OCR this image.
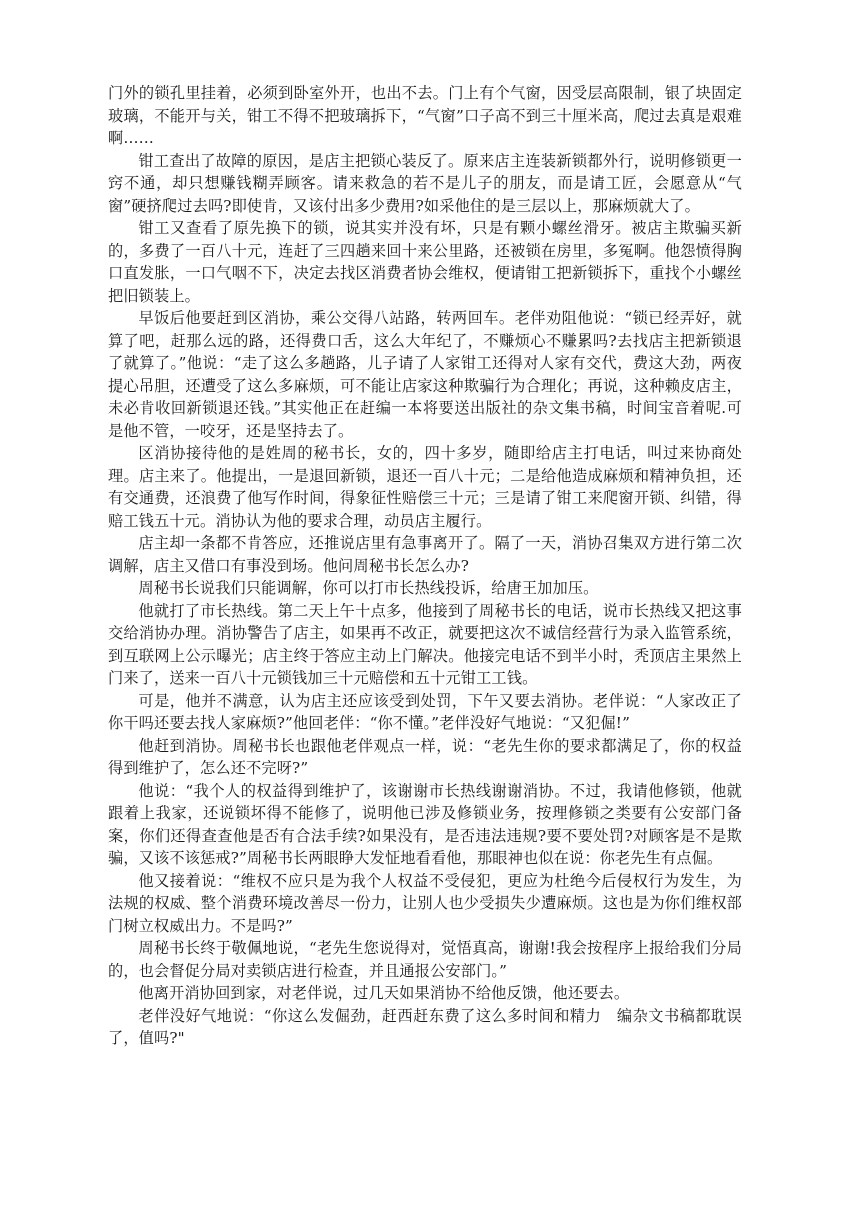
门外的锁孔里挂着，必须到卧室外开，也出不去。门上有个气窗，因受层高限制，银了块固定玻璃，不能开与关，钳工不得不把玻璃拆下，“气窗”口子高不到三十厘米高，爬过去真是艰难啊……

钳工查出了故障的原因，是店主把锁心装反了。原来店主连装新锁都外行，说明修锁更一窍不通，却只想赚钱糊弄顾客。请来救急的若不是儿子的朋友，而是请工匠，会愿意从“气窗”硬挤爬过去吗?即使肯，又该付出多少费用?如采他住的是三层以上，那麻烦就大了。

钳工又查看了原先换下的锁，说其实并没有坏，只是有颗小螺丝滑牙。被店主欺骗买新的，多费了一百八十元，连赶了三四趟来回十来公里路，还被锁在房里，多冤啊。他怨愤得胸口直发胀，一口气咽不下，决定去找区消费者协会维权，便请钳工把新锁拆下，重找个小螺丝把旧锁装上。

早饭后他要赶到区消协，乘公交得八站路，转两回车。老伴劝阻他说：“锁已经弄好，就算了吧，赶那么远的路，还得费口舌，这么大年纪了，不赚烦心不赚累吗?去找店主把新锁退了就算了。”他说：“走了这么多趟路，儿子请了人家钳工还得对人家有交代，费这大劲，两夜提心吊胆，还遭受了这么多麻烦，可不能让店家这种欺骗行为合理化；再说，这种赖皮店主，未必肯收回新锁退还钱。”其实他正在赶编一本将要送出版社的杂文集书稿，时间宝音着呢.可是他不管，一咬牙，还是坚持去了。

区消协接待他的是姓周的秘书长，女的，四十多岁，随即给店主打电话，叫过来协商处理。店主来了。他提出，一是退回新锁，退还一百八十元；二是给他造成麻烦和精神负担，还有交通费，还浪费了他写作时间，得象征性赔偿三十元；三是请了钳工来爬窗开锁、纠错，得赔工钱五十元。消协认为他的要求合理，动员店主履行。

店主却一条都不肯答应，还推说店里有急事离开了。隔了一天，消协召集双方进行第二次调解，店主又借口有事没到场。他问周秘书长怎么办?

周秘书长说我们只能调解，你可以打市长热线投诉，给唐王加加压。

他就打了市长热线。第二天上午十点多，他接到了周秘书长的电话，说市长热线又把这事交给消协办理。消协警告了店主，如果再不改正，就要把这次不诚信经营行为录入监管系统，到互联网上公示曝光；店主终于答应主动上门解决。他接完电话不到半小时，秃顶店主果然上门来了，送来一百八十元锁钱加三十元赔偿和五十元钳工工钱。

可是，他并不满意，认为店主还应该受到处罚，下午又要去消协。老伴说：“人家改正了你干吗还要去找人家麻烦?”他回老伴：“你不懂。”老伴没好气地说：“又犯倔!”

他赶到消协。周秘书长也跟他老伴观点一样，说：“老先生你的要求都满足了，你的权益得到维护了，怎么还不完呀?”

他说：“我个人的权益得到维护了，该谢谢市长热线谢谢消协。不过，我请他修锁，他就跟着上我家，还说锁坏得不能修了，说明他已涉及修锁业务，按理修锁之类要有公安部门备案，你们还得查查他是否有合法手续?如果没有，是否违法违规?要不要处罚?对顾客是不是欺骗，又该不该惩戒?”周秘书长两眼睁大发怔地看看他，那眼神也似在说：你老先生有点倔。

他又接着说：“维权不应只是为我个人权益不受侵犯，更应为杜绝今后侵权行为发生，为法规的权威、整个消费环境改善尽一份力，让别人也少受损失少遭麻烦。这也是为你们维权部门树立权威出力。不是吗?”

周秘书长终于敬佩地说，“老先生您说得对，觉悟真高，谢谢!我会按程序上报给我们分局的，也会督促分局对卖锁店进行检查，并且通报公安部门。”

他离开消协回到家，对老伴说，过几天如果消协不给他反馈，他还要去。

老伴没好气地说：“你这么发倔劲，赶西赶东费了这么多时间和精力　编杂文书稿都耽误了，值吗?"
